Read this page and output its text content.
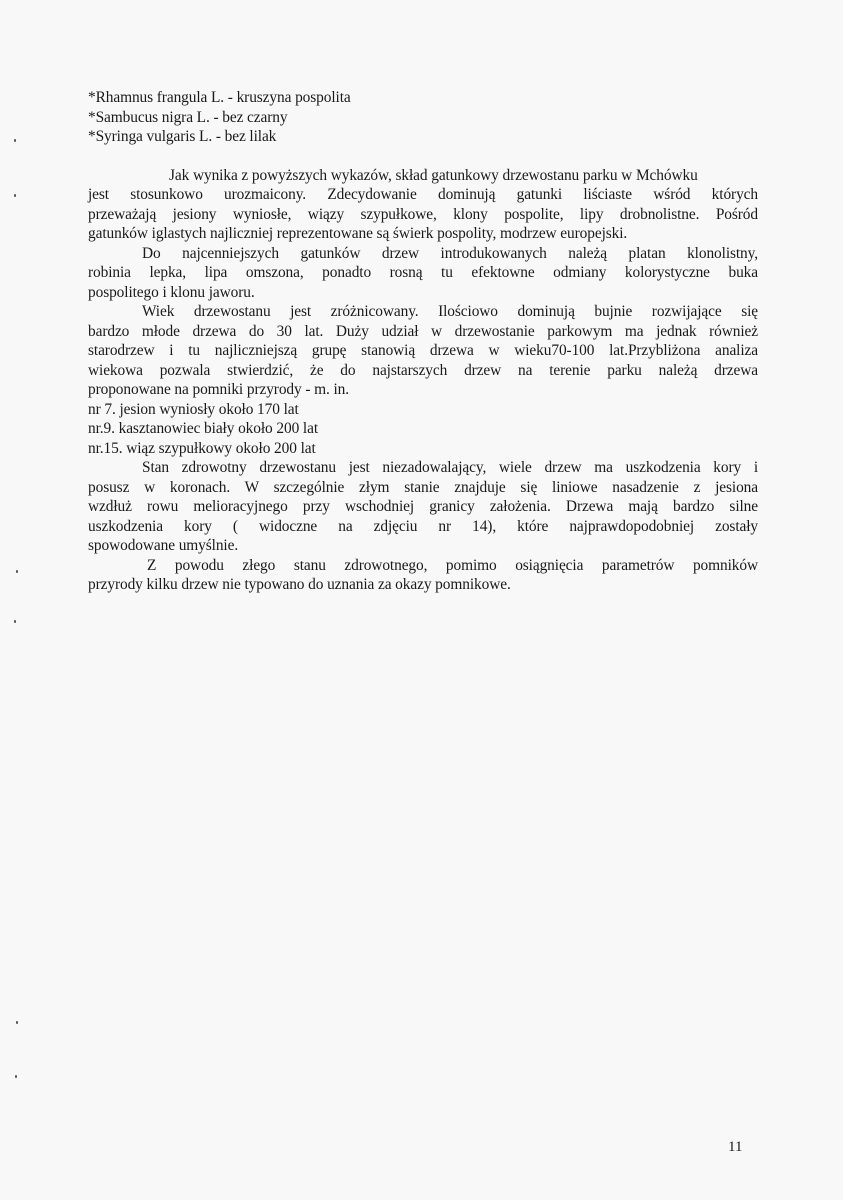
*Rhamnus frangula L. - kruszyna pospolita

*Sambucus nigra L. - bez czarny

*Syringa vulgaris L. - bez lilak

Jak wynika z powyższych wykazów, skład gatunkowy drzewostanu parku w Mchówku

jest stosunkowo urozmaicony. Zdecydowanie dominują gatunki liściaste wśród których

przeważają jesiony wyniosłe, wiązy szypułkowe, klony pospolite, lipy drobnolistne. Pośród

gatunków iglastych najliczniej reprezentowane są świerk pospolity, modrzew europejski.

Do najcenniejszych gatunków drzew introdukowanych należą platan klonolistny,

robinia lepka, lipa omszona, ponadto rosną tu efektowne odmiany kolorystyczne buka

pospolitego i klonu jaworu.

Wiek drzewostanu jest zróżnicowany. Ilościowo dominują bujnie rozwijające się

bardzo młode drzewa do 30 lat. Duży udział w drzewostanie parkowym ma jednak również

starodrzew i tu najliczniejszą grupę stanowią drzewa w wieku70-100 lat.Przybliżona analiza

wiekowa pozwala stwierdzić, że do najstarszych drzew na terenie parku należą drzewa

proponowane na pomniki przyrody - m. in.

nr 7. jesion wyniosły około 170 lat

nr.9. kasztanowiec biały około 200 lat

nr.15. wiąz szypułkowy około 200 lat

Stan zdrowotny drzewostanu jest niezadowalający, wiele drzew ma uszkodzenia kory i

posusz w koronach. W szczególnie złym stanie znajduje się liniowe nasadzenie z jesiona

wzdłuż rowu melioracyjnego przy wschodniej granicy założenia. Drzewa mają bardzo silne

uszkodzenia kory ( widoczne na zdjęciu nr 14), które najprawdopodobniej zostały

spowodowane umyślnie.

Z powodu złego stanu zdrowotnego, pomimo osiągnięcia parametrów pomników

przyrody kilku drzew nie typowano do uznania za okazy pomnikowe.

11
